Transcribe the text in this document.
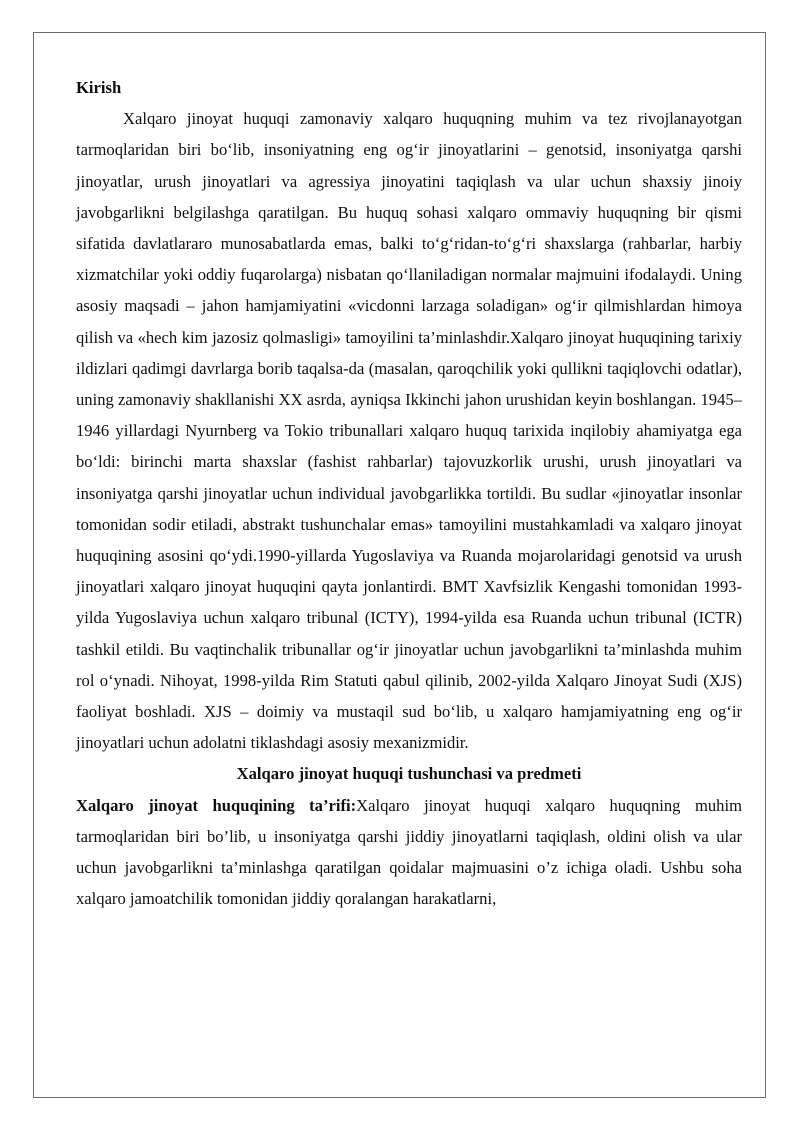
Kirish

Xalqaro jinoyat huquqi zamonaviy xalqaro huquqning muhim va tez rivojlanayotgan tarmoqlaridan biri bo‘lib, insoniyatning eng og‘ir jinoyatlarini – genotsid, insoniyatga qarshi jinoyatlar, urush jinoyatlari va agressiya jinoyatini taqiqlash va ular uchun shaxsiy jinoiy javobgarlikni belgilashga qaratilgan. Bu huquq sohasi xalqaro ommaviy huquqning bir qismi sifatida davlatlararo munosabatlarda emas, balki to‘g‘ridan-to‘g‘ri shaxslarga (rahbarlar, harbiy xizmatchilar yoki oddiy fuqarolarga) nisbatan qo‘llaniladigan normalar majmuini ifodalaydi. Uning asosiy maqsadi – jahon hamjamiyatini «vicdonni larzaga soladigan» og‘ir qilmishlardan himoya qilish va «hech kim jazosiz qolmasligi» tamoyilini ta’minlashdir.Xalqaro jinoyat huquqining tarixiy ildizlari qadimgi davrlarga borib taqalsa-da (masalan, qaroqchilik yoki qullikni taqiqlovchi odatlar), uning zamonaviy shakllanishi XX asrda, ayniqsa Ikkinchi jahon urushidan keyin boshlangan. 1945–1946 yillardagi Nyurnberg va Tokio tribunallari xalqaro huquq tarixida inqilobiy ahamiyatga ega bo‘ldi: birinchi marta shaxslar (fashist rahbarlar) tajovuzkorlik urushi, urush jinoyatlari va insoniyatga qarshi jinoyatlar uchun individual javobgarlikka tortildi. Bu sudlar «jinoyatlar insonlar tomonidan sodir etiladi, abstrakt tushunchalar emas» tamoyilini mustahkamladi va xalqaro jinoyat huquqining asosini qo‘ydi.1990-yillarda Yugoslaviya va Ruanda mojarolaridagi genotsid va urush jinoyatlari xalqaro jinoyat huquqini qayta jonlantirdi. BMT Xavfsizlik Kengashi tomonidan 1993-yilda Yugoslaviya uchun xalqaro tribunal (ICTY), 1994-yilda esa Ruanda uchun tribunal (ICTR) tashkil etildi. Bu vaqtinchalik tribunallar og‘ir jinoyatlar uchun javobgarlikni ta’minlashda muhim rol o‘ynadi. Nihoyat, 1998-yilda Rim Statuti qabul qilinib, 2002-yilda Xalqaro Jinoyat Sudi (XJS) faoliyat boshladi. XJS – doimiy va mustaqil sud bo‘lib, u xalqaro hamjamiyatning eng og‘ir jinoyatlari uchun adolatni tiklashdagi asosiy mexanizmidir.

Xalqaro jinoyat huquqi tushunchasi va predmeti

Xalqaro jinoyat huquqining ta’rifi:Xalqaro jinoyat huquqi xalqaro huquqning muhim tarmoqlaridan biri bo’lib, u insoniyatga qarshi jiddiy jinoyatlarni taqiqlash, oldini olish va ular uchun javobgarlikni ta’minlashga qaratilgan qoidalar majmuasini o’z ichiga oladi. Ushbu soha xalqaro jamoatchilik tomonidan jiddiy qoralangan harakatlarni,
